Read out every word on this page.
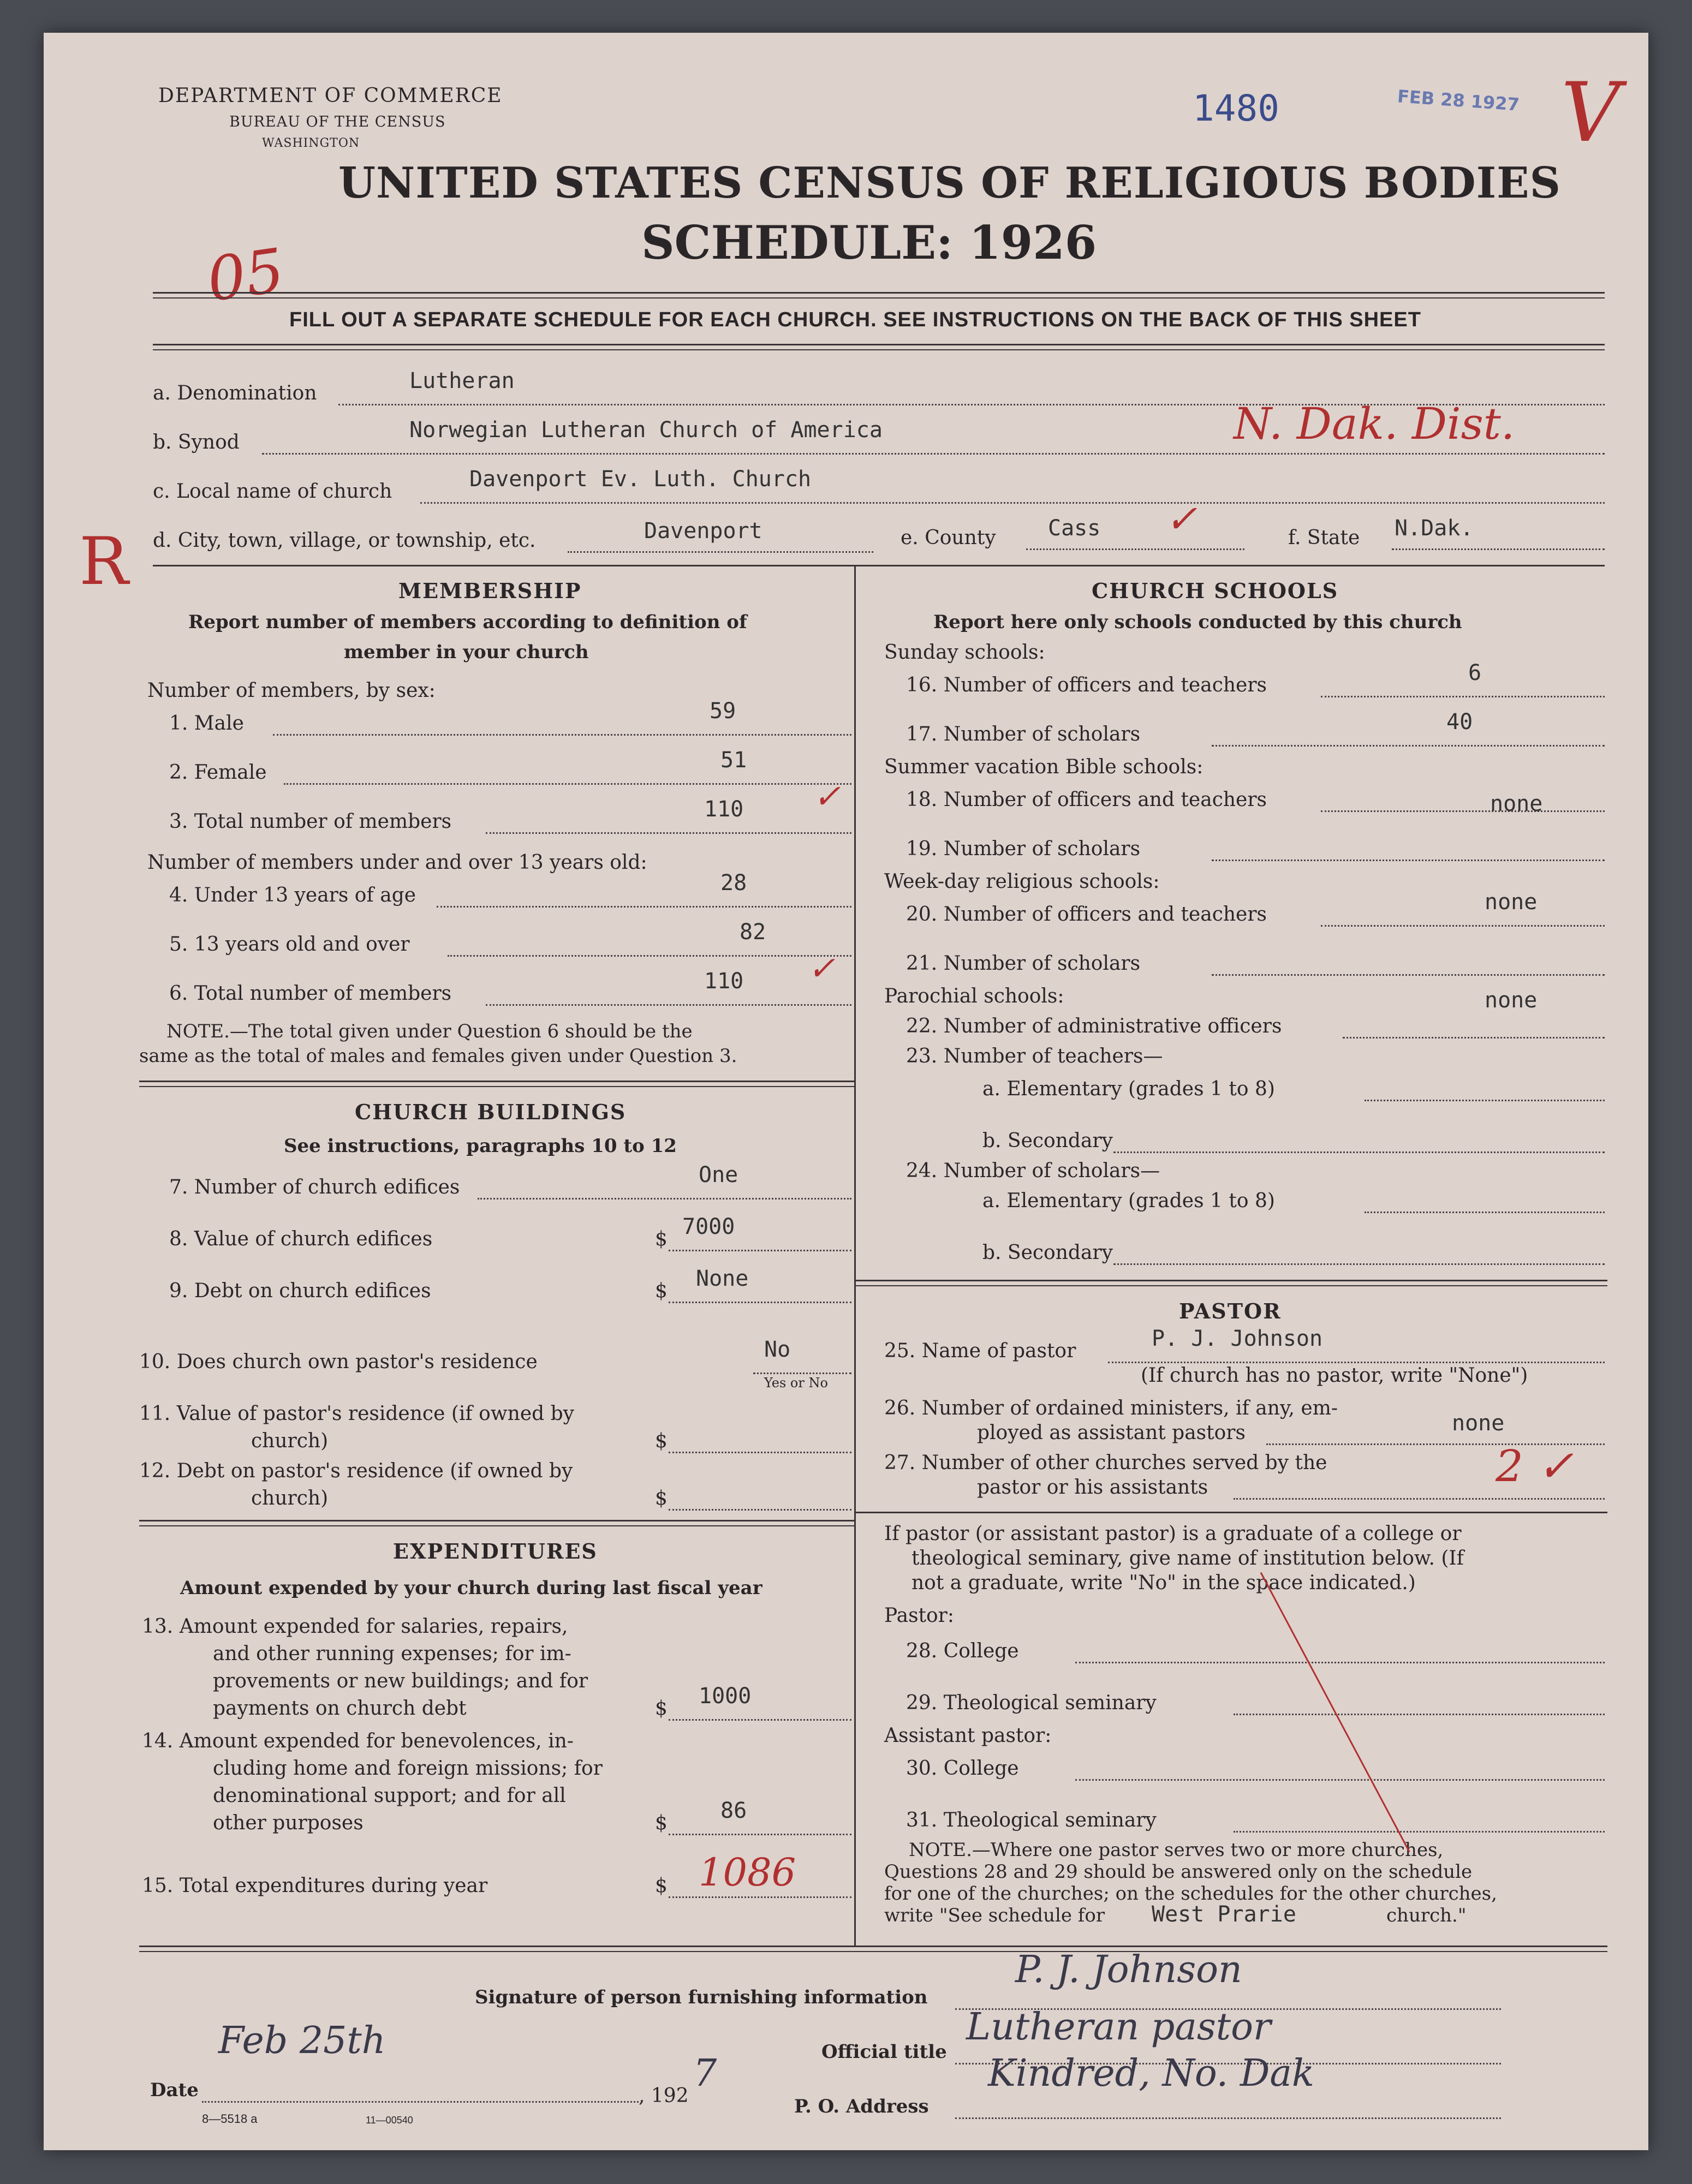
DEPARTMENT OF COMMERCE
BUREAU OF THE CENSUS
WASHINGTON
1480	FEB 28 1927 V
UNITED STATES CENSUS OF RELIGIOUS BODIES
SCHEDULE: 1926
05
FILL OUT A SEPARATE SCHEDULE FOR EACH CHURCH. SEE INSTRUCTIONS ON THE BACK OF THIS SHEET
a. Denomination	Lutheran
b. Synod	Norwegian Lutheran Church of America	N. Dak. Dist.
c. Local name of church	Davenport Ev. Luth. Church
R d. City, town, village, or township, etc.	Davenport	e. County Cass ✓	f. State N.Dak.
MEMBERSHIP
Report number of members according to definition of
member in your church
Number of members, by sex:
1. Male	59
2. Female	51
3. Total number of members	110 ✓
Number of members under and over 13 years old:
4. Under 13 years of age	28
5. 13 years old and over	82
6. Total number of members	110 ✓
NOTE.—The total given under Question 6 should be the
same as the total of males and females given under Question 3.
CHURCH BUILDINGS
See instructions, paragraphs 10 to 12
7. Number of church edifices	One
8. Value of church edifices	$ 7000
9. Debt on church edifices	$ None
10. Does church own pastor's residence	No
Yes or No
11. Value of pastor's residence (if owned by
church)	$
12. Debt on pastor's residence (if owned by
church)	$
EXPENDITURES
Amount expended by your church during last fiscal year
13. Amount expended for salaries, repairs,
and other running expenses; for im-
provements or new buildings; and for
payments on church debt	$ 1000
14. Amount expended for benevolences, in-
cluding home and foreign missions; for
denominational support; and for all
other purposes	$ 86
15. Total expenditures during year	$ 1086
CHURCH SCHOOLS
Report here only schools conducted by this church
Sunday schools:
16. Number of officers and teachers	6
17. Number of scholars	40
Summer vacation Bible schools:
18. Number of officers and teachers	none
19. Number of scholars
Week-day religious schools:
20. Number of officers and teachers	none
21. Number of scholars
Parochial schools:	none
22. Number of administrative officers
23. Number of teachers—
a. Elementary (grades 1 to 8)
b. Secondary
24. Number of scholars—
a. Elementary (grades 1 to 8)
b. Secondary
PASTOR
25. Name of pastor	P. J. Johnson
(If church has no pastor, write "None")
26. Number of ordained ministers, if any, em-
ployed as assistant pastors	none
27. Number of other churches served by the
pastor or his assistants	2 ✓
If pastor (or assistant pastor) is a graduate of a college or
theological seminary, give name of institution below. (If
not a graduate, write "No" in the space indicated.)
Pastor:
28. College
29. Theological seminary
Assistant pastor:
30. College
31. Theological seminary
NOTE.—Where one pastor serves two or more churches,
Questions 28 and 29 should be answered only on the schedule
for one of the churches; on the schedules for the other churches,
write "See schedule for West Prarie	church."
Signature of person furnishing information
P. J. Johnson
Official title
Lutheran pastor
Date
Feb 25th
, 192
7
P. O. Address
Kindred, No. Dak
8—5518 a	11—00540
